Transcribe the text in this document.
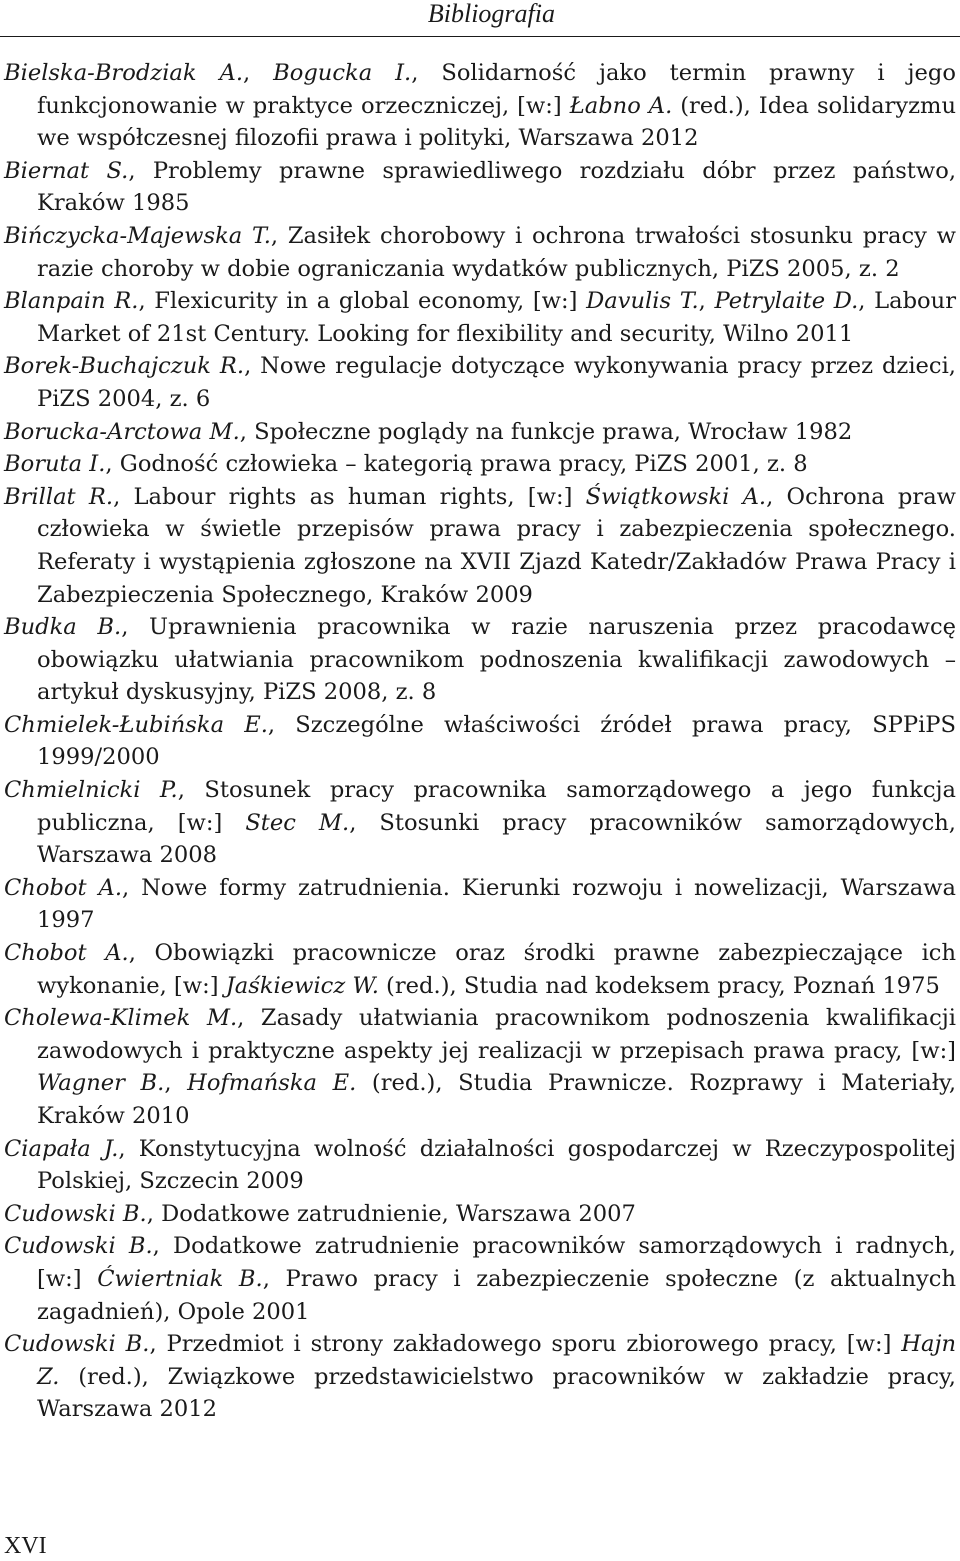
Bibliografia
Bielska-Brodziak A., Bogucka I., Solidarność jako termin prawny i jego funkcjonowanie w praktyce orzeczniczej, [w:] Łabno A. (red.), Idea solidaryzmu we współczesnej filozofii prawa i polityki, Warszawa 2012
Biernat S., Problemy prawne sprawiedliwego rozdziału dóbr przez państwo, Kraków 1985
Bińczycka-Majewska T., Zasiłek chorobowy i ochrona trwałości stosunku pracy w razie choroby w dobie ograniczania wydatków publicznych, PiZS 2005, z. 2
Blanpain R., Flexicurity in a global economy, [w:] Davulis T., Petrylaite D., Labour Market of 21st Century. Looking for flexibility and security, Wilno 2011
Borek-Buchajczuk R., Nowe regulacje dotyczące wykonywania pracy przez dzieci, PiZS 2004, z. 6
Borucka-Arctowa M., Społeczne poglądy na funkcje prawa, Wrocław 1982
Boruta I., Godność człowieka – kategorią prawa pracy, PiZS 2001, z. 8
Brillat R., Labour rights as human rights, [w:] Świątkowski A., Ochrona praw człowieka w świetle przepisów prawa pracy i zabezpieczenia społecznego. Referaty i wystąpienia zgłoszone na XVII Zjazd Katedr/Zakładów Prawa Pracy i Zabezpieczenia Społecznego, Kraków 2009
Budka B., Uprawnienia pracownika w razie naruszenia przez pracodawcę obowiązku ułatwiania pracownikom podnoszenia kwalifikacji zawodowych – artykuł dyskusyjny, PiZS 2008, z. 8
Chmielek-Łubińska E., Szczególne właściwości źródeł prawa pracy, SPPiPS 1999/2000
Chmielnicki P., Stosunek pracy pracownika samorządowego a jego funkcja publiczna, [w:] Stec M., Stosunki pracy pracowników samorządowych, Warszawa 2008
Chobot A., Nowe formy zatrudnienia. Kierunki rozwoju i nowelizacji, Warszawa 1997
Chobot A., Obowiązki pracownicze oraz środki prawne zabezpieczające ich wykonanie, [w:] Jaśkiewicz W. (red.), Studia nad kodeksem pracy, Poznań 1975
Cholewa-Klimek M., Zasady ułatwiania pracownikom podnoszenia kwalifikacji zawodowych i praktyczne aspekty jej realizacji w przepisach prawa pracy, [w:] Wagner B., Hofmańska E. (red.), Studia Prawnicze. Rozprawy i Materiały, Kraków 2010
Ciapała J., Konstytucyjna wolność działalności gospodarczej w Rzeczypospolitej Polskiej, Szczecin 2009
Cudowski B., Dodatkowe zatrudnienie, Warszawa 2007
Cudowski B., Dodatkowe zatrudnienie pracowników samorządowych i radnych, [w:] Ćwiertniak B., Prawo pracy i zabezpieczenie społeczne (z aktualnych zagadnień), Opole 2001
Cudowski B., Przedmiot i strony zakładowego sporu zbiorowego pracy, [w:] Hajn Z. (red.), Związkowe przedstawicielstwo pracowników w zakładzie pracy, Warszawa 2012
XVI
